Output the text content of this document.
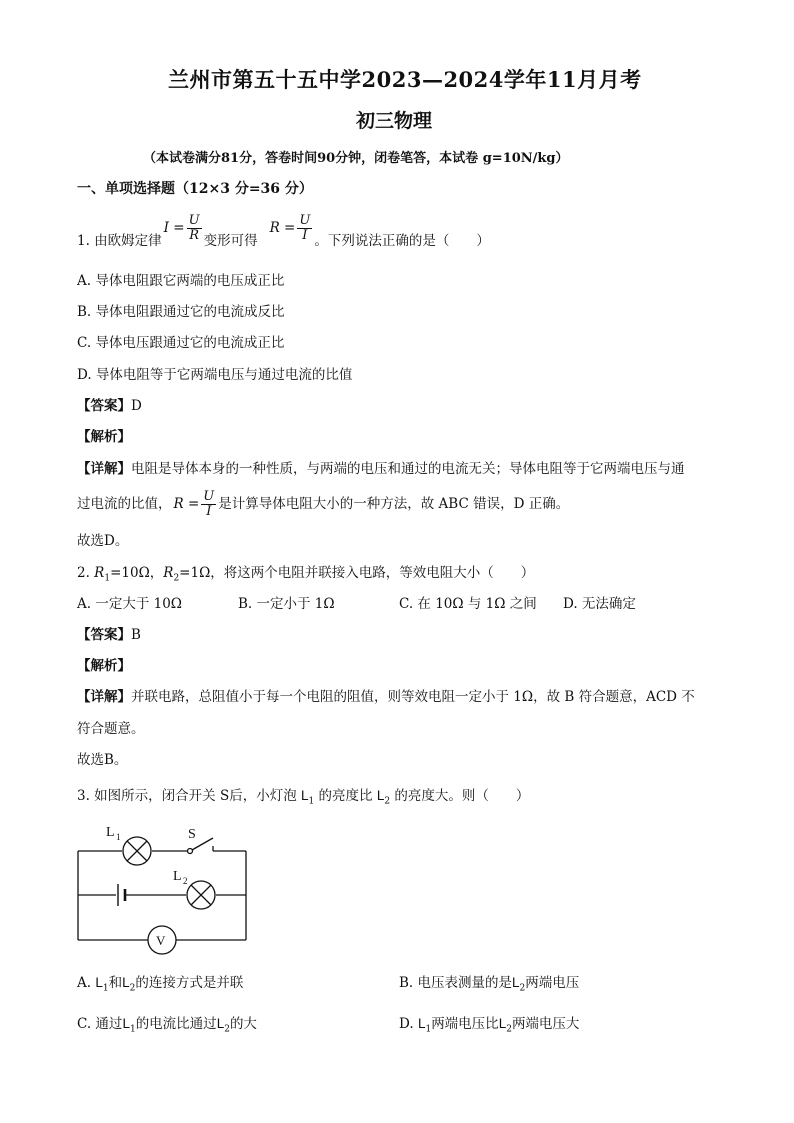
兰州市第五十五中学2023—2024学年11月月考
初三物理
（本试卷满分81分，答卷时间90分钟，闭卷笔答，本试卷 g=10N/kg）
一、单项选择题（12×3 分=36 分）
1. 由欧姆定律
$I = \frac{U}{R}$ 变形可得
$R = \frac{U}{I}$ 。下列说法正确的是（　　）
A. 导体电阻跟它两端的电压成正比
B. 导体电阻跟通过它的电流成反比
C. 导体电压跟通过它的电流成正比
D. 导体电阻等于它两端电压与通过电流的比值
【答案】D
【解析】
【详解】电阻是导体本身的一种性质，与两端的电压和通过的电流无关；导体电阻等于它两端电压与通
过电流的比值， $R = \frac{U}{I}$ 是计算导体电阻大小的一种方法，故 ABC 错误，D 正确。
故选D。
2. $R_1=10\Omega$，$R_2=1\Omega$，将这两个电阻并联接入电路，等效电阻大小（　　）
A. 一定大于 10Ω	B. 一定小于 1Ω	C. 在 10Ω 与 1Ω 之间 D. 无法确定
【答案】B
【解析】
【详解】并联电路，总阻值小于每一个电阻的阻值，则等效电阻一定小于 1Ω，故 B 符合题意，ACD 不
符合题意。
故选B。
3. 如图所示，闭合开关 S后，小灯泡 $L_1$ 的亮度比 $L_2$ 的亮度大。则（　　）
L 1	S
L 2
V
A. $L_1$和$L_2$的连接方式是并联	B. 电压表测量的是$L_2$两端电压
C. 通过$L_1$的电流比通过$L_2$的大	D. $L_1$两端电压比$L_2$两端电压大
